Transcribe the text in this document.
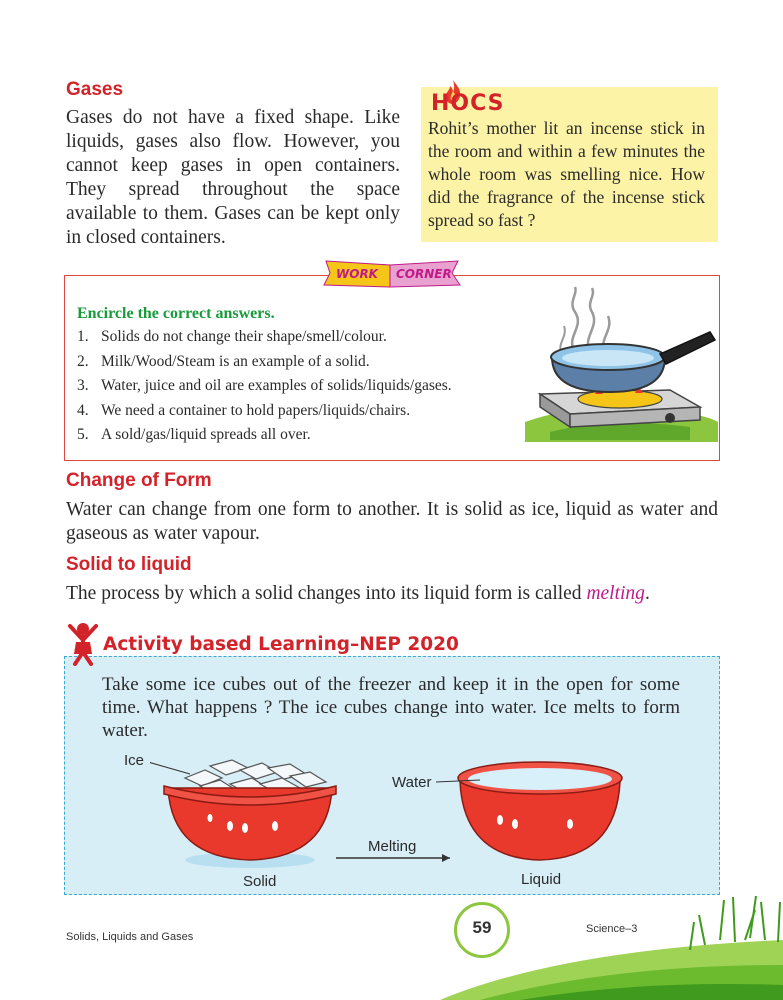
Gases
Gases do not have a fixed shape. Like liquids, gases also flow. However, you cannot keep gases in open containers. They spread throughout the space available to them. Gases can be kept only in closed containers.
HOCS
Rohit’s mother lit an incense stick in the room and within a few minutes the whole room was smelling nice. How did the fragrance of the incense stick spread so fast ?
Encircle the correct answers.
1. Solids do not change their shape/smell/colour.
2. Milk/Wood/Steam is an example of a solid.
3. Water, juice and oil are examples of solids/liquids/gases.
4. We need a container to hold papers/liquids/chairs.
5. A sold/gas/liquid spreads all over.
WORK CORNER
Change of Form
Water can change from one form to another. It is solid as ice, liquid as water and gaseous as water vapour.
Solid to liquid
The process by which a solid changes into its liquid form is called melting.
Activity based Learning–NEP 2020
Take some ice cubes out of the freezer and keep it in the open for some time. What happens ? The ice cubes change into water. Ice melts to form water.
Ice
Water
Melting
Solid	Liquid
59	Science–3
Solids, Liquids and Gases
